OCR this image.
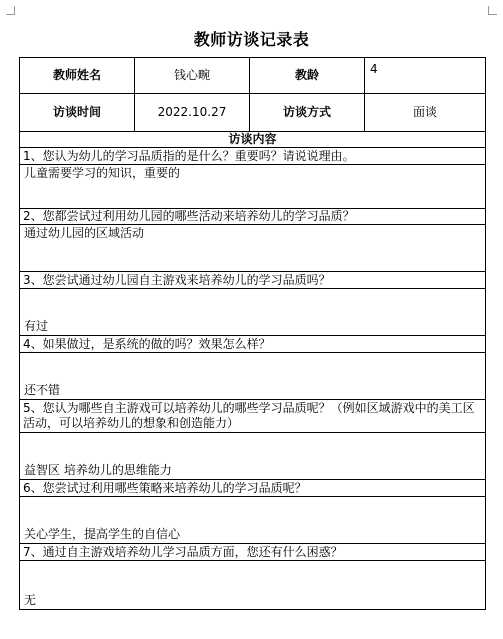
教师访谈记录表
教师姓名	钱心畹	教龄	4
访谈时间	2022.10.27	访谈方式	面谈
访谈内容			
1、您认为幼儿的学习品质指的是什么？重要吗？请说说理由。			
儿童需要学习的知识，重要的			
2、您都尝试过利用幼儿园的哪些活动来培养幼儿的学习品质？			
通过幼儿园的区域活动			
3、您尝试通过幼儿园自主游戏来培养幼儿的学习品质吗？			
有过			
4、如果做过，是系统的做的吗？效果怎么样？			
还不错			
5、您认为哪些自主游戏可以培养幼儿的哪些学习品质呢？（例如区域游戏中的美工区活动，可以培养幼儿的想象和创造能力）			
益智区 培养幼儿的思维能力			
6、您尝试过利用哪些策略来培养幼儿的学习品质呢？			
关心学生，提高学生的自信心			
7、通过自主游戏培养幼儿学习品质方面，您还有什么困惑？			
无			
